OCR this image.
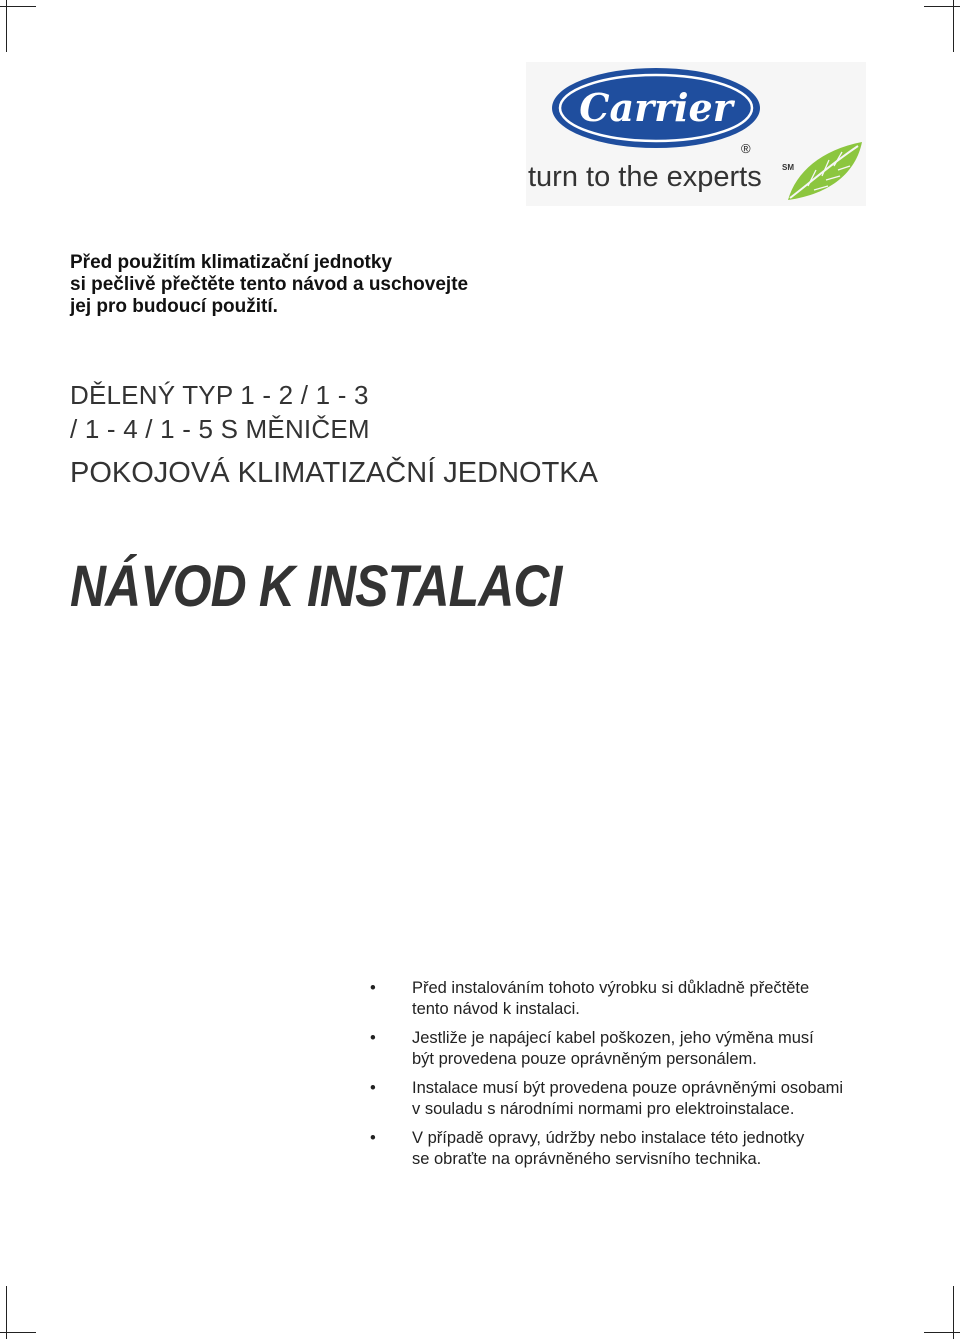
Carrier
®
turn to the experts	SM
Před použitím klimatizační jednotky
si pečlivě přečtěte tento návod a uschovejte
jej pro budoucí použití.
DĚLENÝ TYP 1 - 2 / 1 - 3
/ 1 - 4 / 1 - 5 S MĚNIČEM
POKOJOVÁ KLIMATIZAČNÍ JEDNOTKA
NÁVOD K INSTALACI
• Před instalováním tohoto výrobku si důkladně přečtěte
tento návod k instalaci.
• Jestliže je napájecí kabel poškozen, jeho výměna musí
být provedena pouze oprávněným personálem.
• Instalace musí být provedena pouze oprávněnými osobami
v souladu s národními normami pro elektroinstalace.
• V případě opravy, údržby nebo instalace této jednotky
se obraťte na oprávněného servisního technika.
